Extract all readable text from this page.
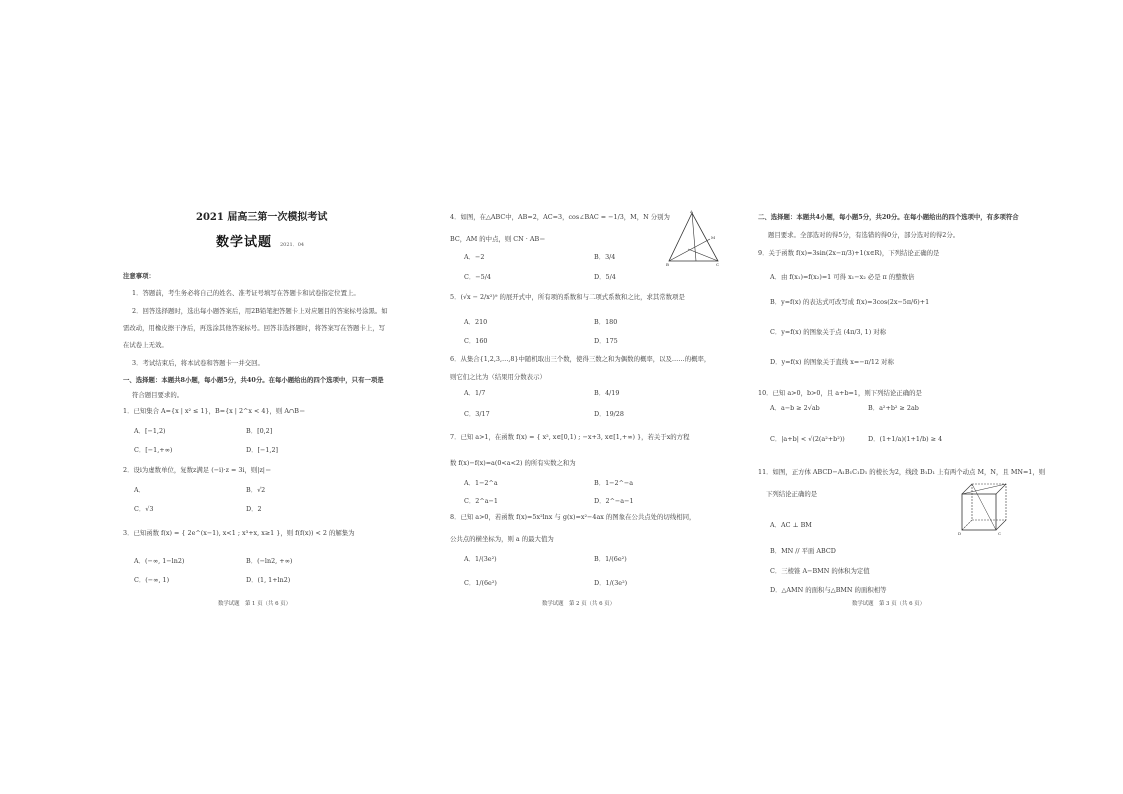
2021 届高三第一次模拟考试
数学试题 2021．04
注意事项：
1．答题前，考生务必将自己的姓名、准考证号填写在答题卡和试卷指定位置上。
2．回答选择题时，选出每小题答案后，用2B铅笔把答题卡上对应题目的答案标号涂黑。如
需改动，用橡皮擦干净后，再选涂其他答案标号。回答非选择题时，将答案写在答题卡上，写
在试卷上无效。
3．考试结束后，将本试卷和答题卡一并交回。
一、选择题：本题共8小题，每小题5分，共40分。在每小题给出的四个选项中，只有一项是
符合题目要求的。
1．已知集合 A={x | x² ≤ 1}，B={x | 2^x < 4}，则 A∩B＝
A．[−1,2)	B．[0,2]
C．[−1,+∞)	D．[−1,2]
2．设i为虚数单位，复数z满足 (−i)·z = 3i，则|z|＝
A．	B．√2
C．√3	D．2
3．已知函数 f(x) = { 2e^(x−1), x<1 ; x³+x, x≥1 }，则 f(f(x)) < 2 的解集为
A．(−∞, 1−ln2)	B．(−ln2, +∞)
C．(−∞, 1)	D．(1, 1+ln2)
数学试题　第 1 页（共 6 页）
4．如图，在△ABC中，AB=2，AC=3，cos∠BAC = −1/3，M，N 分别为
BC，AM 的中点，则 CN · AB＝
A
B	C
M
A．−2	B．3/4
C．−5/4	D．5/4
5．(√x − 2/x²)⁹ 的展开式中，所有项的系数和与二项式系数和之比，求其常数项是
A．210	B．180
C．160	D．175
6．从集合{1,2,3,…,8}中随机取出三个数，使得三数之和为偶数的概率，以及……的概率，
则它们之比为（结果用分数表示）
A．1/7	B．4/19
C．3/17	D．19/28
7．已知 a>1，在函数 f(x) = { x², x∈[0,1) ; −x+3, x∈[1,+∞) }，若关于x的方程
数 f(x)−f(x)=a(0<a<2) 的所有实数之和为
A．1−2^a	B．1−2^−a
C．2^a−1	D．2^−a−1
8．已知 a>0，若函数 f(x)=5x²lnx 与 g(x)=x²−4ax 的图象在公共点处的切线相同，
公共点的横坐标为，则 a 的最大值为
A．1/(3e²)	B．1/(6e²)
C．1/(6e²)	D．1/(3e²)
数学试题　第 2 页（共 6 页）
二、选择题：本题共4小题，每小题5分，共20分。在每小题给出的四个选项中，有多项符合
题目要求。全部选对的得5分，有选错的得0分，部分选对的得2分。
9．关于函数 f(x)=3sin(2x−π/3)+1(x∈R)，下列结论正确的是
A．由 f(x₁)=f(x₂)=1 可得 x₁−x₂ 必是 π 的整数倍
B．y=f(x) 的表达式可改写成 f(x)=3cos(2x−5π/6)+1
C．y=f(x) 的图象关于点 (4π/3, 1) 对称
D．y=f(x) 的图象关于直线 x=−π/12 对称
10．已知 a>0，b>0，且 a+b=1，则下列结论正确的是
A．a−b ≥ 2√ab	B．a²+b² ≥ 2ab
C．|a+b| < √(2(a²+b²))	D．(1+1/a)(1+1/b) ≥ 4
11．如图，正方体 ABCD−A₁B₁C₁D₁ 的棱长为2，线段 B₁D₁ 上有两个动点 M，N，且 MN=1，则
下列结论正确的是
D	C
A．AC ⊥ BM
B．MN // 平面 ABCD
C．三棱锥 A−BMN 的体积为定值
D．△AMN 的面积与△BMN 的面积相等
数学试题　第 3 页（共 6 页）
